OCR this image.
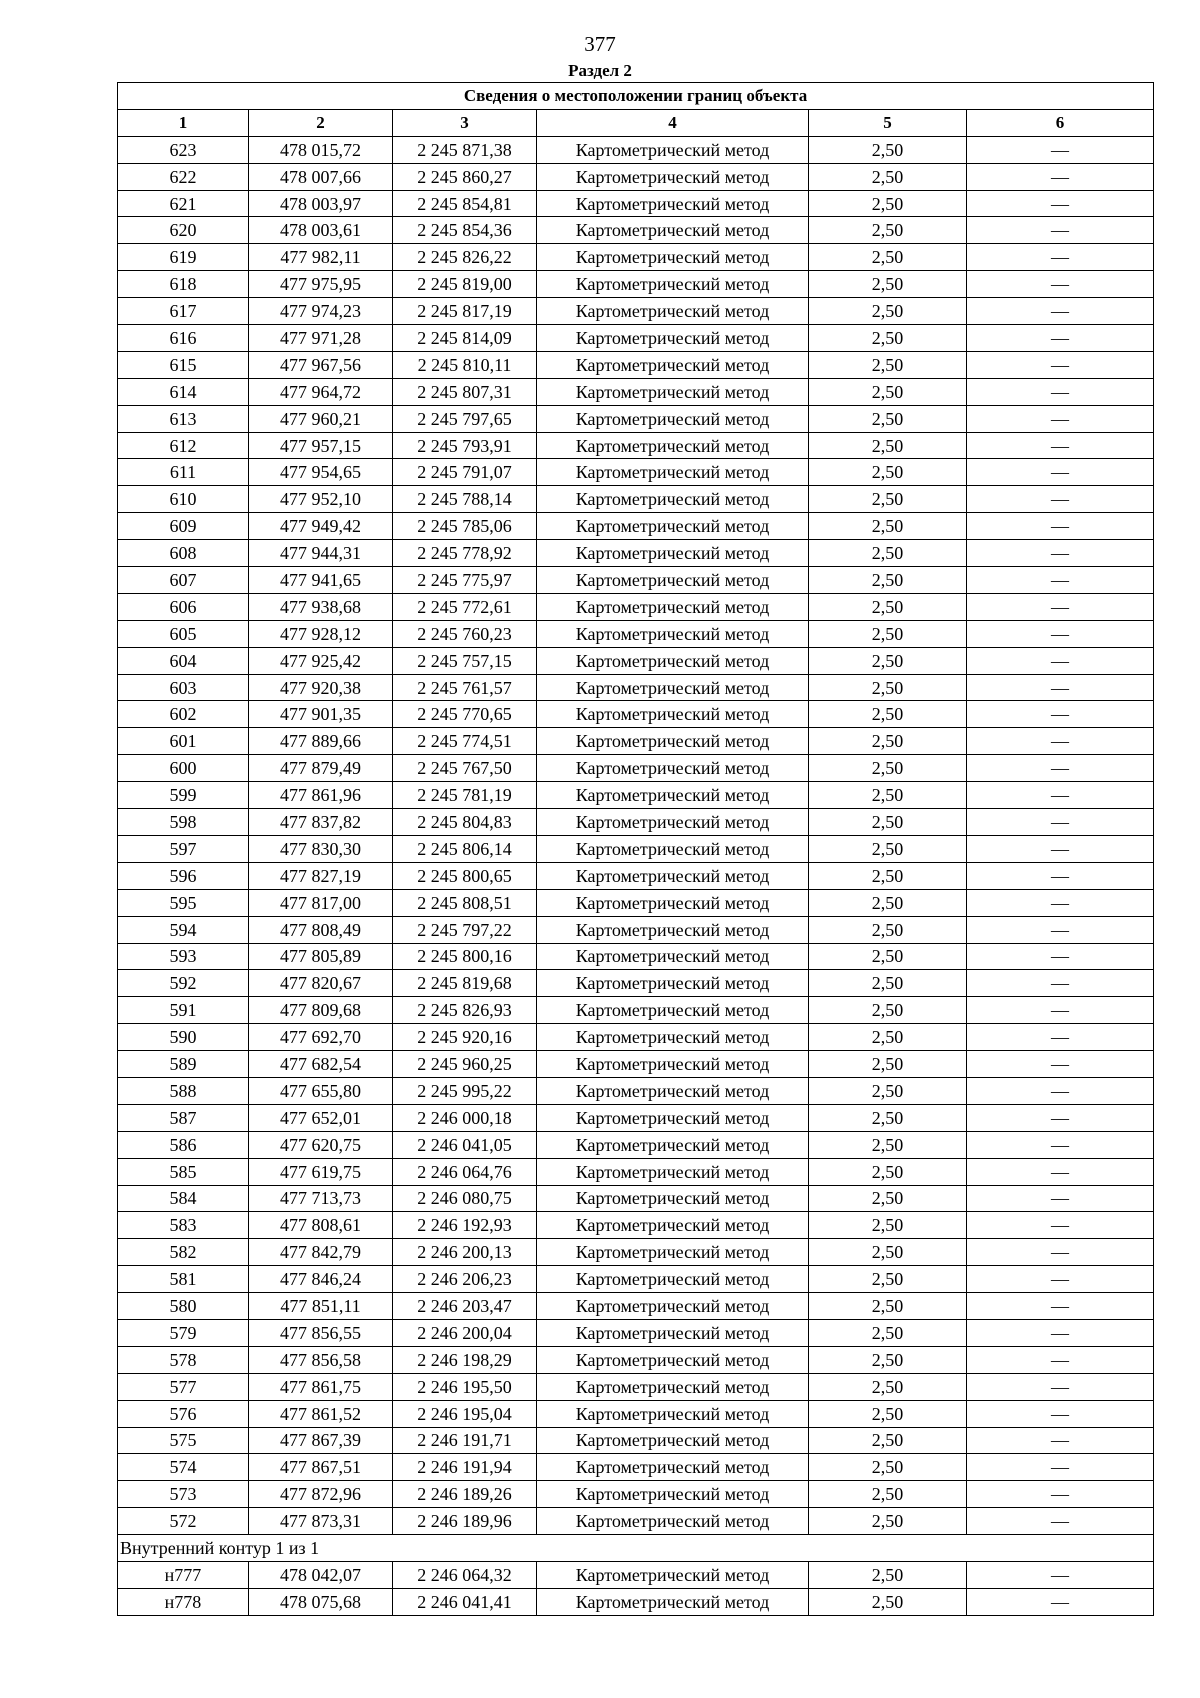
377
Раздел 2
Сведения о местоположении границ объекта					
1	2	3	4	5	6
623	478 015,72	2 245 871,38	Картометрический метод	2,50	—
622	478 007,66	2 245 860,27	Картометрический метод	2,50	—
621	478 003,97	2 245 854,81	Картометрический метод	2,50	—
620	478 003,61	2 245 854,36	Картометрический метод	2,50	—
619	477 982,11	2 245 826,22	Картометрический метод	2,50	—
618	477 975,95	2 245 819,00	Картометрический метод	2,50	—
617	477 974,23	2 245 817,19	Картометрический метод	2,50	—
616	477 971,28	2 245 814,09	Картометрический метод	2,50	—
615	477 967,56	2 245 810,11	Картометрический метод	2,50	—
614	477 964,72	2 245 807,31	Картометрический метод	2,50	—
613	477 960,21	2 245 797,65	Картометрический метод	2,50	—
612	477 957,15	2 245 793,91	Картометрический метод	2,50	—
611	477 954,65	2 245 791,07	Картометрический метод	2,50	—
610	477 952,10	2 245 788,14	Картометрический метод	2,50	—
609	477 949,42	2 245 785,06	Картометрический метод	2,50	—
608	477 944,31	2 245 778,92	Картометрический метод	2,50	—
607	477 941,65	2 245 775,97	Картометрический метод	2,50	—
606	477 938,68	2 245 772,61	Картометрический метод	2,50	—
605	477 928,12	2 245 760,23	Картометрический метод	2,50	—
604	477 925,42	2 245 757,15	Картометрический метод	2,50	—
603	477 920,38	2 245 761,57	Картометрический метод	2,50	—
602	477 901,35	2 245 770,65	Картометрический метод	2,50	—
601	477 889,66	2 245 774,51	Картометрический метод	2,50	—
600	477 879,49	2 245 767,50	Картометрический метод	2,50	—
599	477 861,96	2 245 781,19	Картометрический метод	2,50	—
598	477 837,82	2 245 804,83	Картометрический метод	2,50	—
597	477 830,30	2 245 806,14	Картометрический метод	2,50	—
596	477 827,19	2 245 800,65	Картометрический метод	2,50	—
595	477 817,00	2 245 808,51	Картометрический метод	2,50	—
594	477 808,49	2 245 797,22	Картометрический метод	2,50	—
593	477 805,89	2 245 800,16	Картометрический метод	2,50	—
592	477 820,67	2 245 819,68	Картометрический метод	2,50	—
591	477 809,68	2 245 826,93	Картометрический метод	2,50	—
590	477 692,70	2 245 920,16	Картометрический метод	2,50	—
589	477 682,54	2 245 960,25	Картометрический метод	2,50	—
588	477 655,80	2 245 995,22	Картометрический метод	2,50	—
587	477 652,01	2 246 000,18	Картометрический метод	2,50	—
586	477 620,75	2 246 041,05	Картометрический метод	2,50	—
585	477 619,75	2 246 064,76	Картометрический метод	2,50	—
584	477 713,73	2 246 080,75	Картометрический метод	2,50	—
583	477 808,61	2 246 192,93	Картометрический метод	2,50	—
582	477 842,79	2 246 200,13	Картометрический метод	2,50	—
581	477 846,24	2 246 206,23	Картометрический метод	2,50	—
580	477 851,11	2 246 203,47	Картометрический метод	2,50	—
579	477 856,55	2 246 200,04	Картометрический метод	2,50	—
578	477 856,58	2 246 198,29	Картометрический метод	2,50	—
577	477 861,75	2 246 195,50	Картометрический метод	2,50	—
576	477 861,52	2 246 195,04	Картометрический метод	2,50	—
575	477 867,39	2 246 191,71	Картометрический метод	2,50	—
574	477 867,51	2 246 191,94	Картометрический метод	2,50	—
573	477 872,96	2 246 189,26	Картометрический метод	2,50	—
572	477 873,31	2 246 189,96	Картометрический метод	2,50	—
Внутренний контур 1 из 1					
н777	478 042,07	2 246 064,32	Картометрический метод	2,50	—
н778	478 075,68	2 246 041,41	Картометрический метод	2,50	—
